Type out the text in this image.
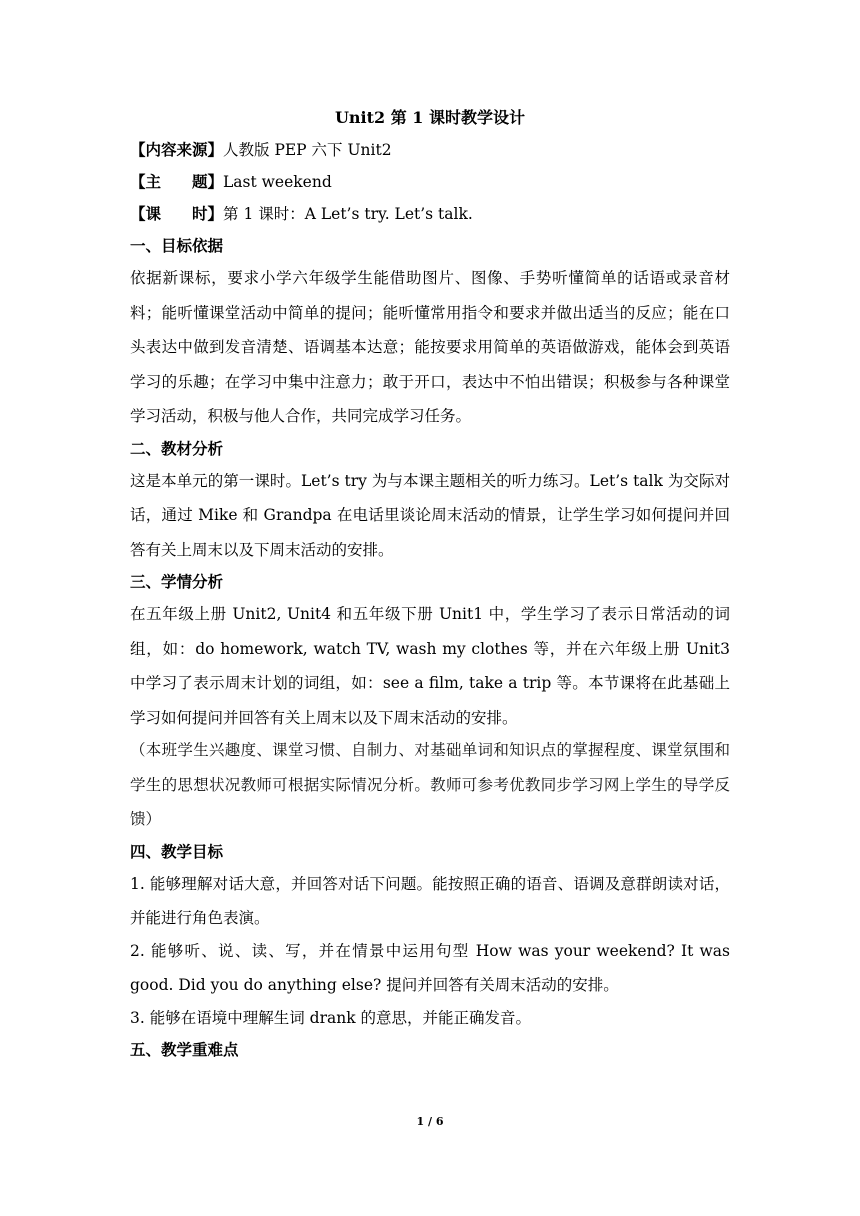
Unit2 第 1 课时教学设计
【内容来源】人教版 PEP 六下 Unit2
【主　　题】Last weekend
【课　　时】第 1 课时：A Let’s try. Let’s talk.
一、目标依据

依据新课标，要求小学六年级学生能借助图片、图像、手势听懂简单的话语或录音材料；能听懂课堂活动中简单的提问；能听懂常用指令和要求并做出适当的反应；能在口头表达中做到发音清楚、语调基本达意；能按要求用简单的英语做游戏，能体会到英语学习的乐趣；在学习中集中注意力；敢于开口，表达中不怕出错误；积极参与各种课堂学习活动，积极与他人合作，共同完成学习任务。

二、教材分析

这是本单元的第一课时。Let’s try 为与本课主题相关的听力练习。Let’s talk 为交际对话，通过 Mike 和 Grandpa 在电话里谈论周末活动的情景，让学生学习如何提问并回答有关上周末以及下周末活动的安排。

三、学情分析

在五年级上册 Unit2, Unit4 和五年级下册 Unit1 中，学生学习了表示日常活动的词组，如：do homework, watch TV, wash my clothes 等，并在六年级上册 Unit3 中学习了表示周末计划的词组，如：see a film, take a trip 等。本节课将在此基础上学习如何提问并回答有关上周末以及下周末活动的安排。

（本班学生兴趣度、课堂习惯、自制力、对基础单词和知识点的掌握程度、课堂氛围和学生的思想状况教师可根据实际情况分析。教师可参考优教同步学习网上学生的导学反馈）

四、教学目标

1. 能够理解对话大意，并回答对话下问题。能按照正确的语音、语调及意群朗读对话，并能进行角色表演。

2. 能够听、说、读、写，并在情景中运用句型 How was your weekend? It was good. Did you do anything else? 提问并回答有关周末活动的安排。

3. 能够在语境中理解生词 drank 的意思，并能正确发音。

五、教学重难点
1 / 6
